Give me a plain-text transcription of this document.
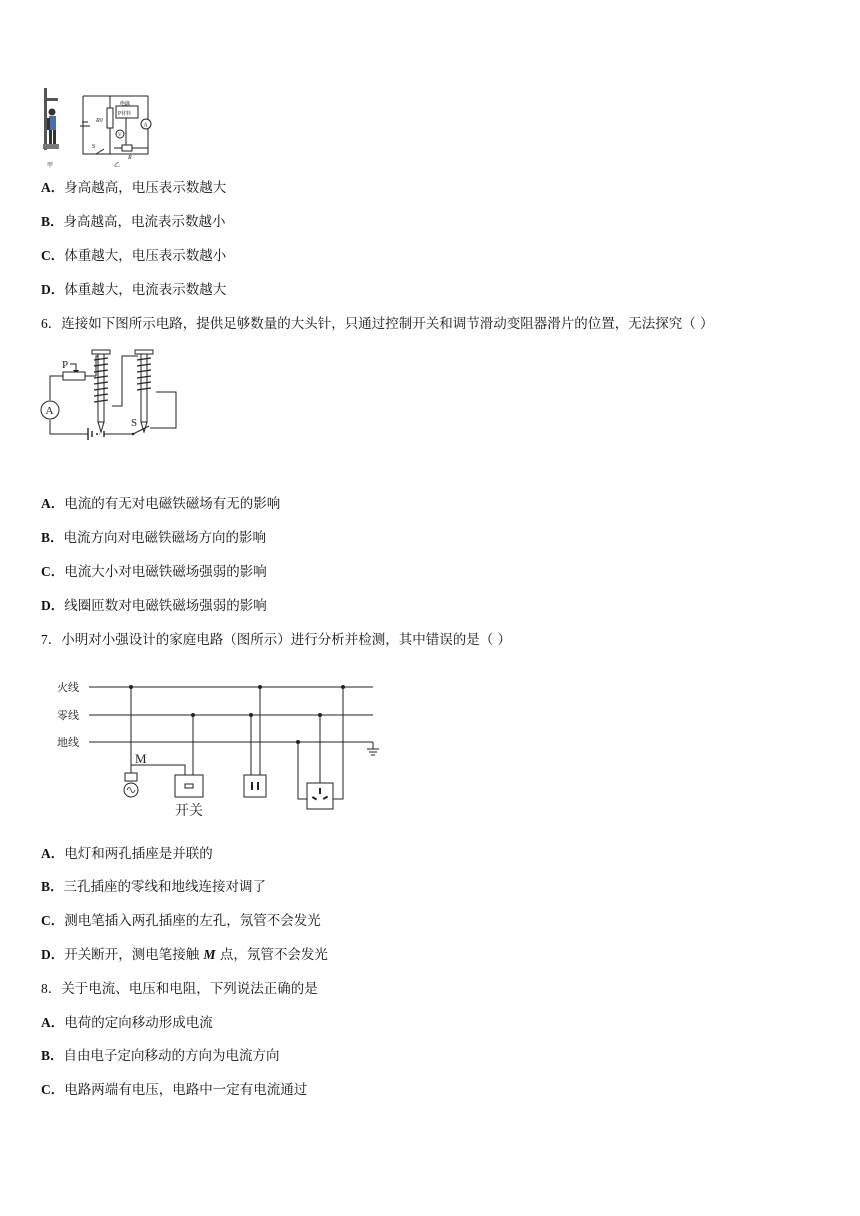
甲
R0
绝缘
P材料
V
A
R
S
乙
A．身高越高，电压表示数越大
B．身高越高，电流表示数越小
C．体重越大，电压表示数越小
D．体重越大，电流表示数越大
6．连接如下图所示电路，提供足够数量的大头针，只通过控制开关和调节滑动变阻器滑片的位置，无法探究（ ）
P
A
S
A．电流的有无对电磁铁磁场有无的影响
B．电流方向对电磁铁磁场方向的影响
C．电流大小对电磁铁磁场强弱的影响
D．线圈匝数对电磁铁磁场强弱的影响
7．小明对小强设计的家庭电路（图所示）进行分析并检测，其中错误的是（ ）
火线
零线
地线
M
开关
A．电灯和两孔插座是并联的
B．三孔插座的零线和地线连接对调了
C．测电笔插入两孔插座的左孔，氖管不会发光
D．开关断开，测电笔接触 M 点，氖管不会发光
8．关于电流、电压和电阻，下列说法正确的是
A．电荷的定向移动形成电流
B．自由电子定向移动的方向为电流方向
C．电路两端有电压，电路中一定有电流通过
